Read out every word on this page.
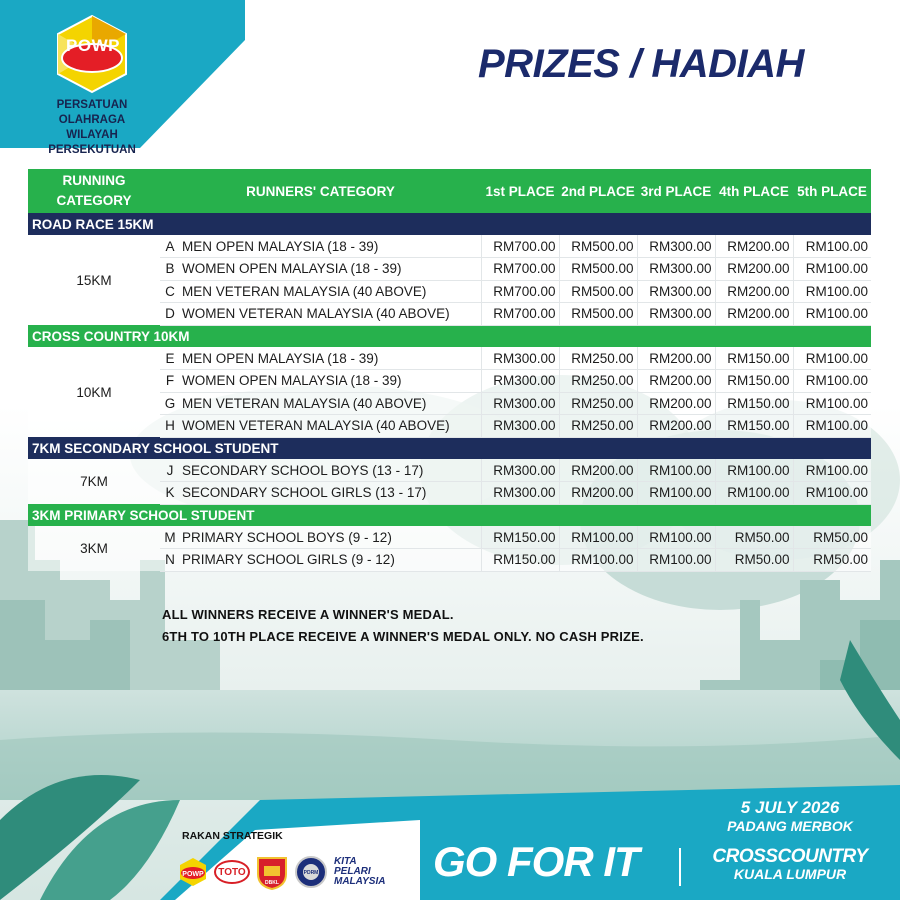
POWP
PERSATUAN OLAHRAGA
WILAYAH PERSEKUTUAN
PRIZES / HADIAH
RUNNING
CATEGORY	RUNNERS' CATEGORY		1st PLACE	2nd PLACE	3rd PLACE	4th PLACE	5th PLACE
ROAD RACE 15KM							
15KM	A	MEN OPEN MALAYSIA (18 - 39)	RM700.00	RM500.00	RM300.00	RM200.00	RM100.00
	B	WOMEN OPEN MALAYSIA (18 - 39)	RM700.00	RM500.00	RM300.00	RM200.00	RM100.00
	C	MEN VETERAN MALAYSIA (40 ABOVE)	RM700.00	RM500.00	RM300.00	RM200.00	RM100.00
	D	WOMEN VETERAN MALAYSIA (40 ABOVE)	RM700.00	RM500.00	RM300.00	RM200.00	RM100.00
CROSS COUNTRY 10KM							
10KM	E	MEN OPEN MALAYSIA (18 - 39)	RM300.00	RM250.00	RM200.00	RM150.00	RM100.00
	F	WOMEN OPEN MALAYSIA (18 - 39)	RM300.00	RM250.00	RM200.00	RM150.00	RM100.00
	G	MEN VETERAN MALAYSIA (40 ABOVE)	RM300.00	RM250.00	RM200.00	RM150.00	RM100.00
	H	WOMEN VETERAN MALAYSIA (40 ABOVE)	RM300.00	RM250.00	RM200.00	RM150.00	RM100.00
7KM SECONDARY SCHOOL STUDENT							
7KM	J	SECONDARY SCHOOL BOYS (13 - 17)	RM300.00	RM200.00	RM100.00	RM100.00	RM100.00
	K	SECONDARY SCHOOL GIRLS (13 - 17)	RM300.00	RM200.00	RM100.00	RM100.00	RM100.00
3KM PRIMARY SCHOOL STUDENT							
3KM	M	PRIMARY SCHOOL BOYS (9 - 12)	RM150.00	RM100.00	RM100.00	RM50.00	RM50.00
	N	PRIMARY SCHOOL GIRLS (9 - 12)	RM150.00	RM100.00	RM100.00	RM50.00	RM50.00
ALL WINNERS RECEIVE A WINNER'S MEDAL.
6TH TO 10TH PLACE RECEIVE A WINNER'S MEDAL ONLY. NO CASH PRIZE.
RAKAN STRATEGIK
POWP	TOTO
DBKL
PDRM
KITA PELARI MALAYSIA GO FOR IT
5 JULY 2026
PADANG MERBOK
CROSSCOUNTRY
KUALA LUMPUR
